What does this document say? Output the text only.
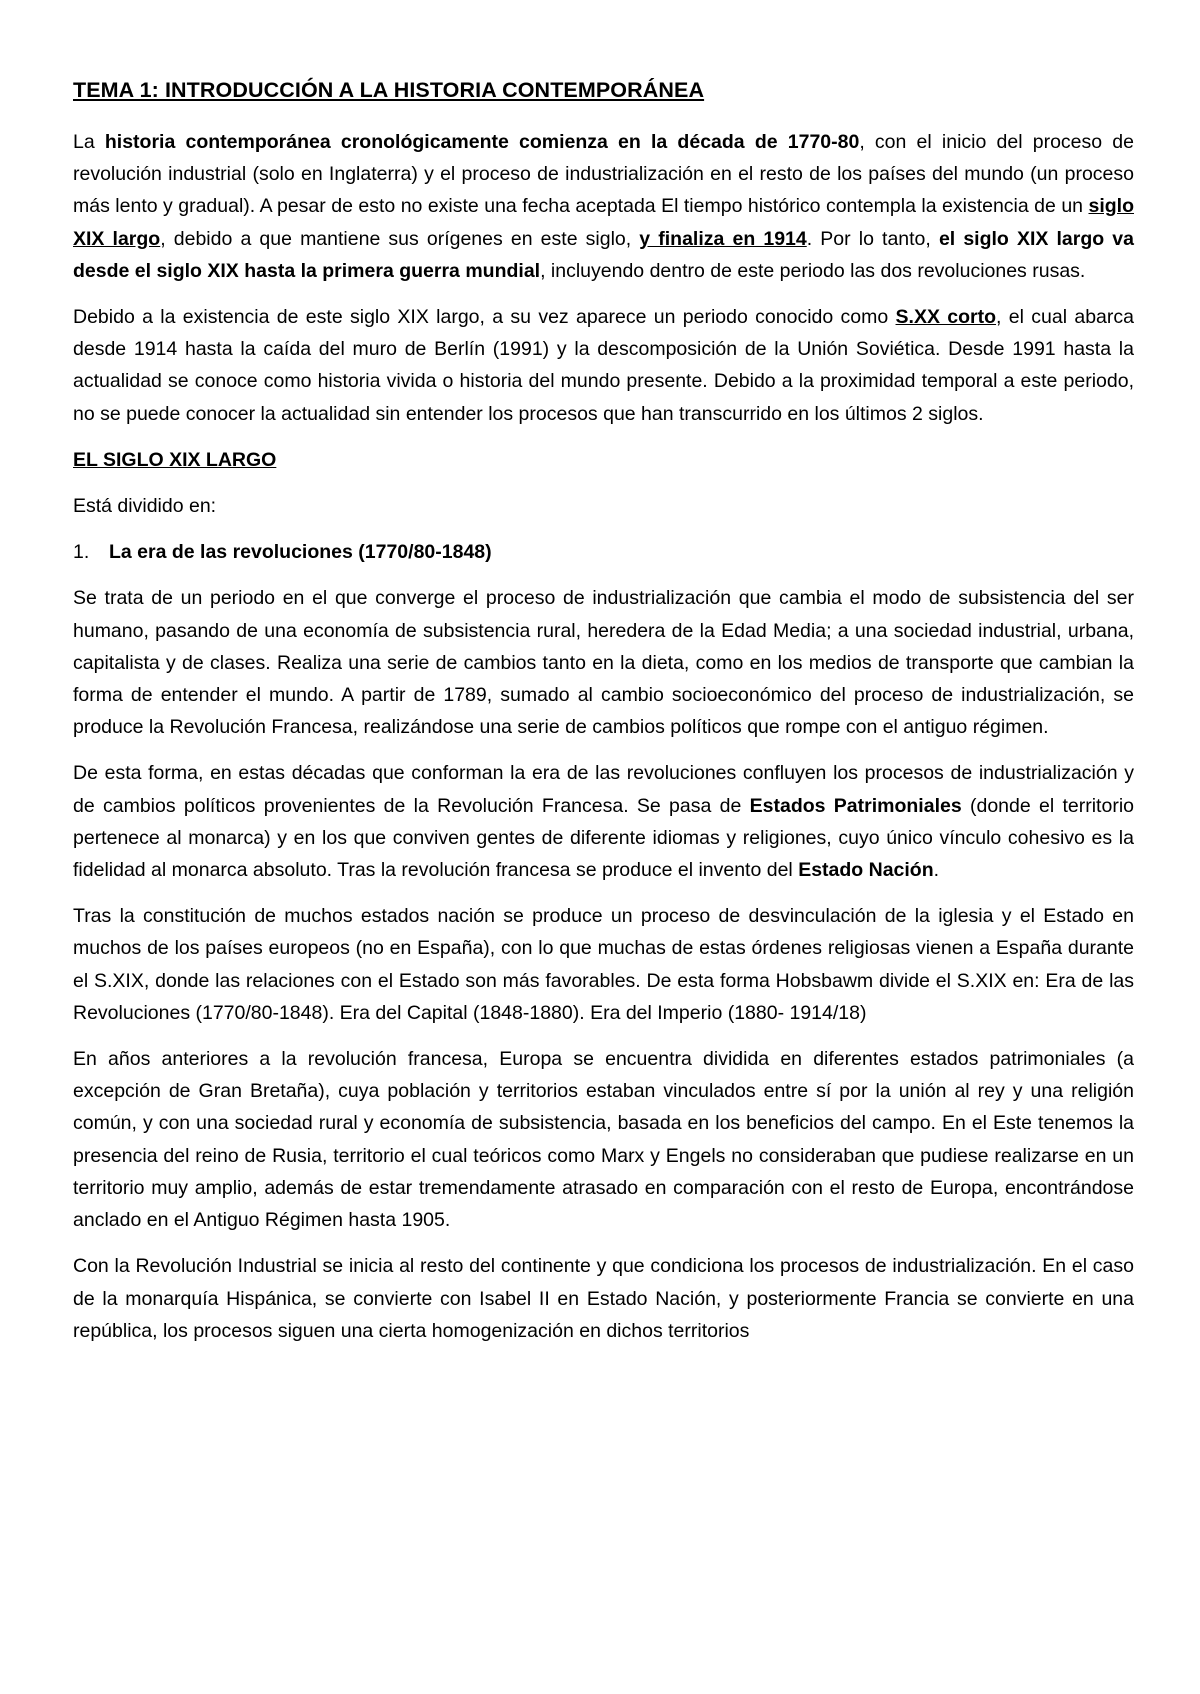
TEMA 1: INTRODUCCIÓN A LA HISTORIA CONTEMPORÁNEA

La historia contemporánea cronológicamente comienza en la década de 1770-80, con el inicio del proceso de revolución industrial (solo en Inglaterra) y el proceso de industrialización en el resto de los países del mundo (un proceso más lento y gradual). A pesar de esto no existe una fecha aceptada El tiempo histórico contempla la existencia de un siglo XIX largo, debido a que mantiene sus orígenes en este siglo, y finaliza en 1914. Por lo tanto, el siglo XIX largo va desde el siglo XIX hasta la primera guerra mundial, incluyendo dentro de este periodo las dos revoluciones rusas.

Debido a la existencia de este siglo XIX largo, a su vez aparece un periodo conocido como S.XX corto, el cual abarca desde 1914 hasta la caída del muro de Berlín (1991) y la descomposición de la Unión Soviética. Desde 1991 hasta la actualidad se conoce como historia vivida o historia del mundo presente. Debido a la proximidad temporal a este periodo, no se puede conocer la actualidad sin entender los procesos que han transcurrido en los últimos 2 siglos.

EL SIGLO XIX LARGO

Está dividido en:

1. La era de las revoluciones (1770/80-1848)

Se trata de un periodo en el que converge el proceso de industrialización que cambia el modo de subsistencia del ser humano, pasando de una economía de subsistencia rural, heredera de la Edad Media; a una sociedad industrial, urbana, capitalista y de clases. Realiza una serie de cambios tanto en la dieta, como en los medios de transporte que cambian la forma de entender el mundo. A partir de 1789, sumado al cambio socioeconómico del proceso de industrialización, se produce la Revolución Francesa, realizándose una serie de cambios políticos que rompe con el antiguo régimen.

De esta forma, en estas décadas que conforman la era de las revoluciones confluyen los procesos de industrialización y de cambios políticos provenientes de la Revolución Francesa. Se pasa de Estados Patrimoniales (donde el territorio pertenece al monarca) y en los que conviven gentes de diferente idiomas y religiones, cuyo único vínculo cohesivo es la fidelidad al monarca absoluto. Tras la revolución francesa se produce el invento del Estado Nación.

Tras la constitución de muchos estados nación se produce un proceso de desvinculación de la iglesia y el Estado en muchos de los países europeos (no en España), con lo que muchas de estas órdenes religiosas vienen a España durante el S.XIX, donde las relaciones con el Estado son más favorables. De esta forma Hobsbawm divide el S.XIX en: Era de las Revoluciones (1770/80-1848). Era del Capital (1848-1880). Era del Imperio (1880- 1914/18)

En años anteriores a la revolución francesa, Europa se encuentra dividida en diferentes estados patrimoniales (a excepción de Gran Bretaña), cuya población y territorios estaban vinculados entre sí por la unión al rey y una religión común, y con una sociedad rural y economía de subsistencia, basada en los beneficios del campo. En el Este tenemos la presencia del reino de Rusia, territorio el cual teóricos como Marx y Engels no consideraban que pudiese realizarse en un territorio muy amplio, además de estar tremendamente atrasado en comparación con el resto de Europa, encontrándose anclado en el Antiguo Régimen hasta 1905.

Con la Revolución Industrial se inicia al resto del continente y que condiciona los procesos de industrialización. En el caso de la monarquía Hispánica, se convierte con Isabel II en Estado Nación, y posteriormente Francia se convierte en una república, los procesos siguen una cierta homogenización en dichos territorios
